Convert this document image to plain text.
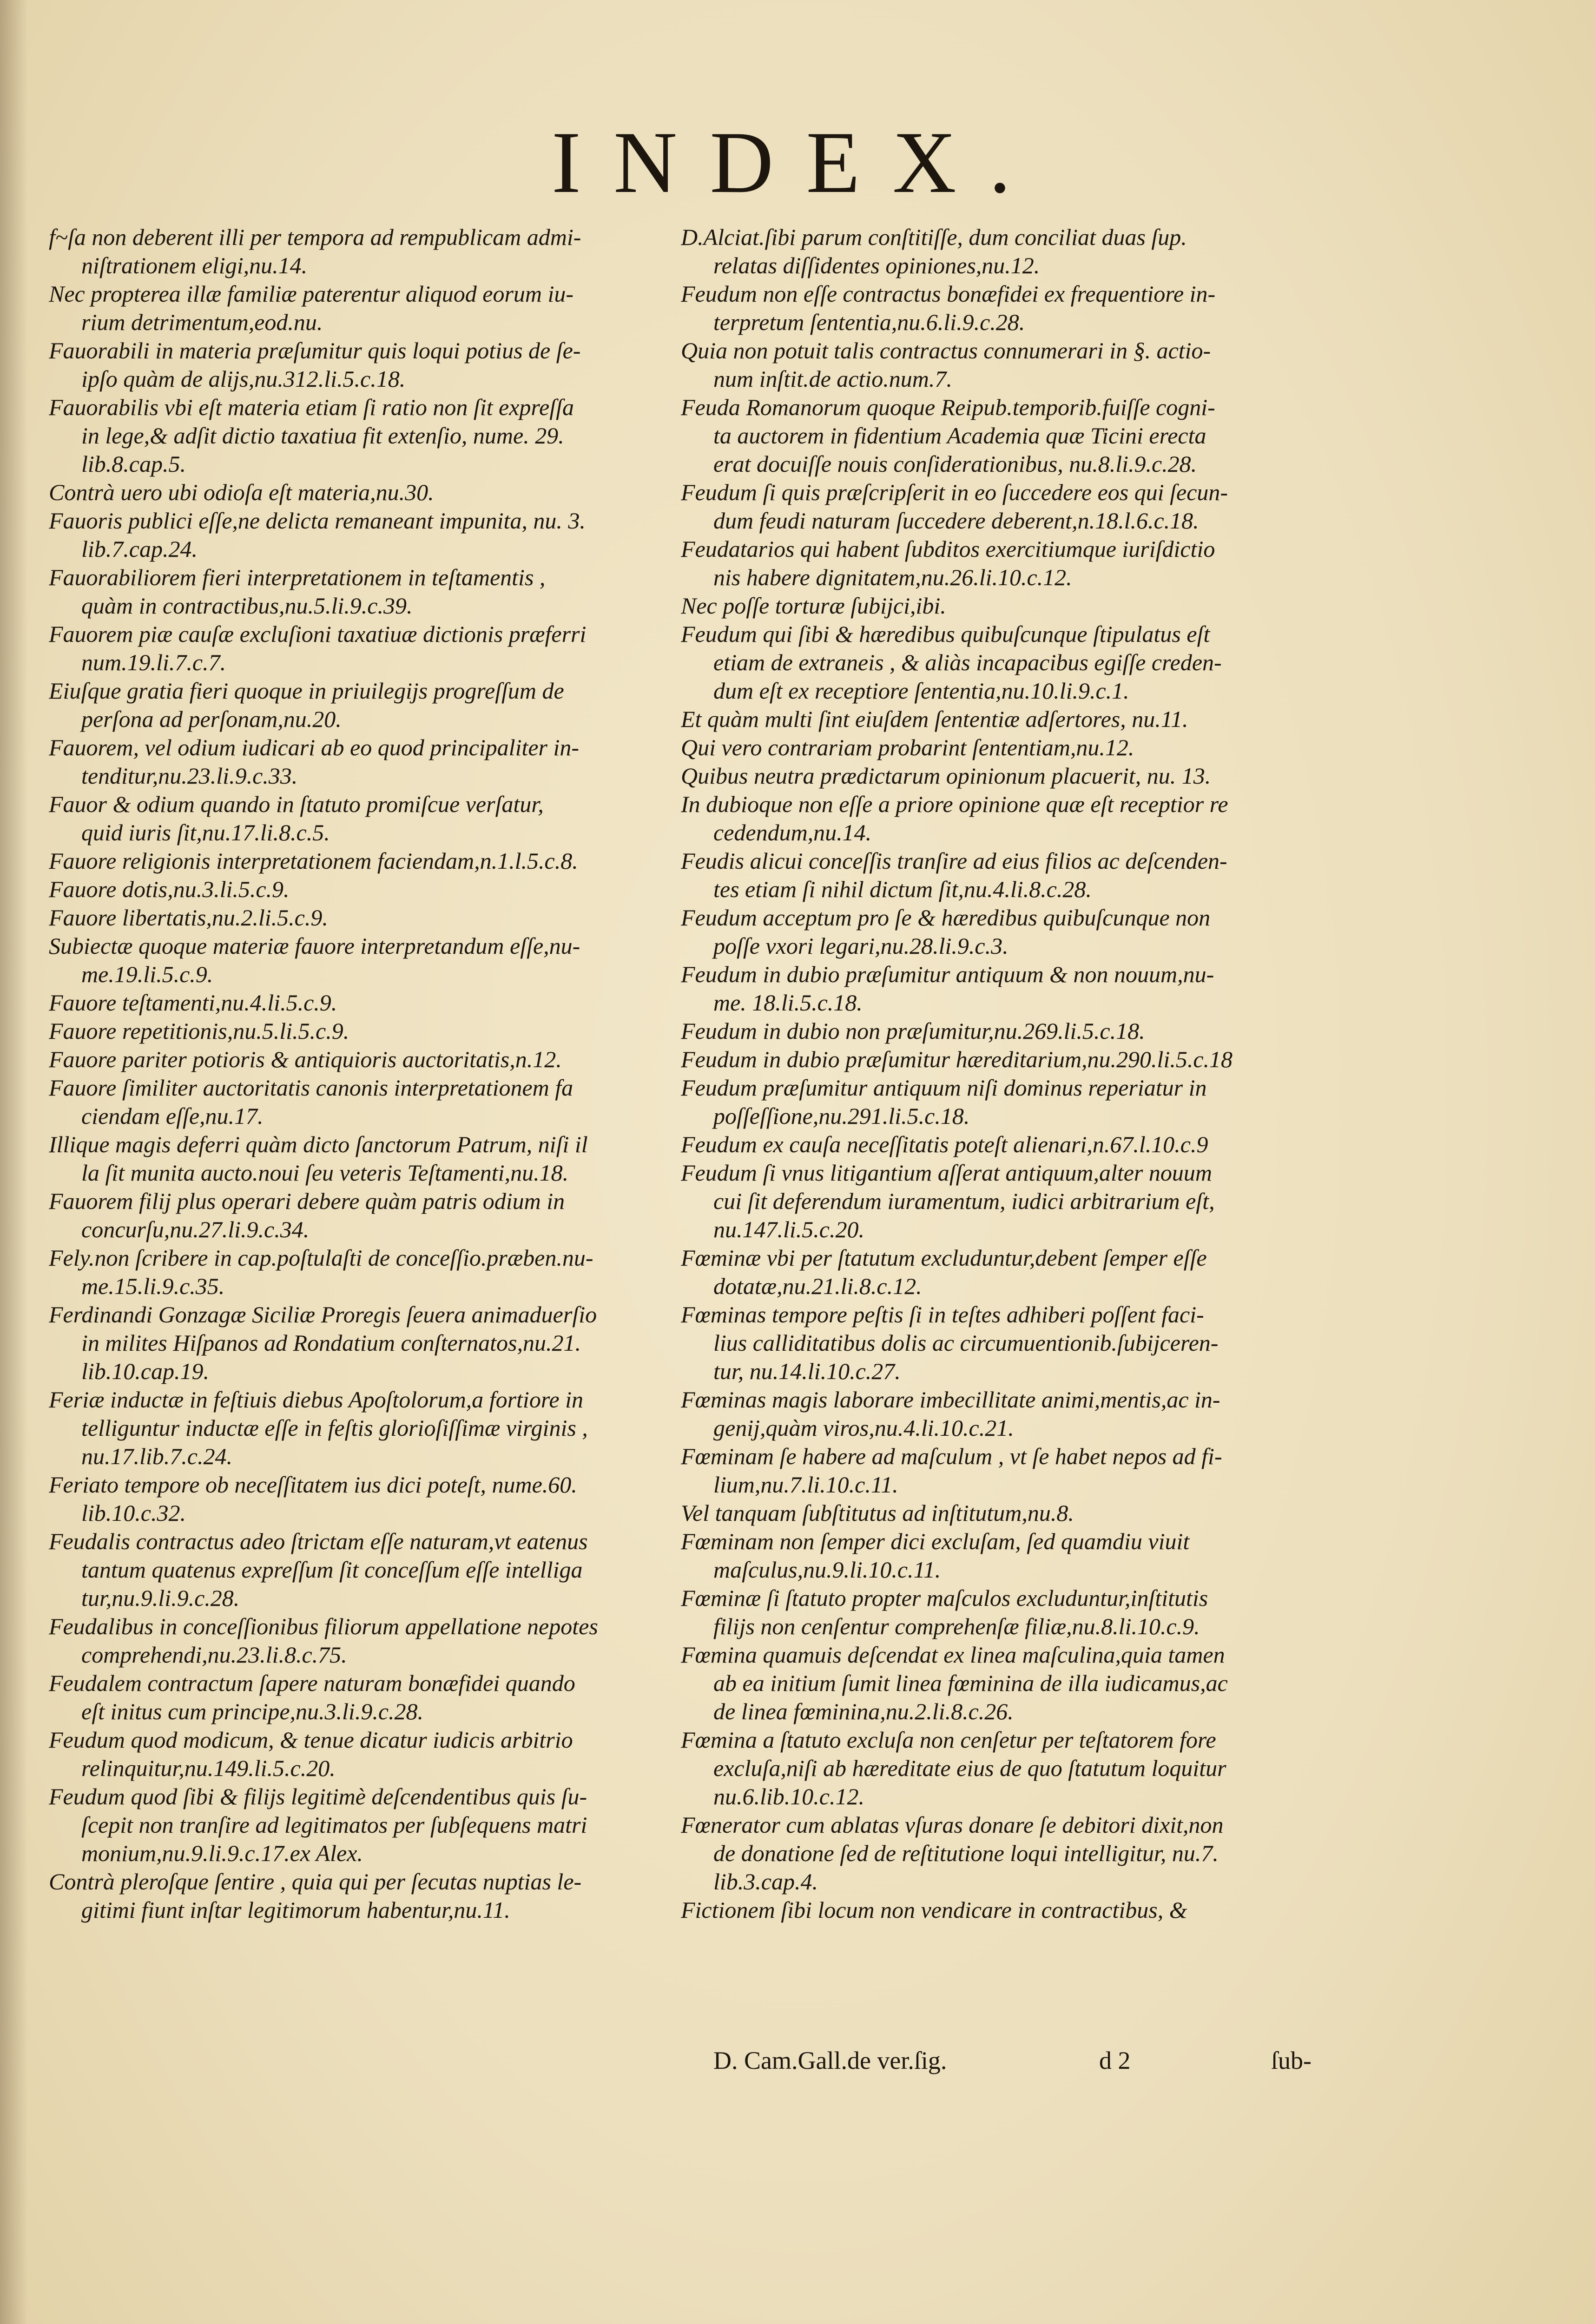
INDEX.
f~ſa non deberent illi per tempora ad rempublicam admi-
niſtrationem eligi,nu.14.
Nec propterea illæ familiæ paterentur aliquod eorum iu-
rium detrimentum,eod.nu.
Fauorabili in materia præſumitur quis loqui potius de ſe-
ipſo quàm de alijs,nu.312.li.5.c.18.
Fauorabilis vbi eſt materia etiam ſi ratio non ſit expreſſa
in lege,& adſit dictio taxatiua fit extenſio, nume. 29.
lib.8.cap.5.
Contrà uero ubi odioſa eſt materia,nu.30.
Fauoris publici eſſe,ne delicta remaneant impunita, nu. 3.
lib.7.cap.24.
Fauorabiliorem fieri interpretationem in teſtamentis ,
quàm in contractibus,nu.5.li.9.c.39.
Fauorem piæ cauſæ excluſioni taxatiuæ dictionis præferri
num.19.li.7.c.7.
Eiuſque gratia fieri quoque in priuilegijs progreſſum de
perſona ad perſonam,nu.20.
Fauorem, vel odium iudicari ab eo quod principaliter in-
tenditur,nu.23.li.9.c.33.
Fauor & odium quando in ſtatuto promiſcue verſatur,
quid iuris ſit,nu.17.li.8.c.5.
Fauore religionis interpretationem faciendam,n.1.l.5.c.8.
Fauore dotis,nu.3.li.5.c.9.
Fauore libertatis,nu.2.li.5.c.9.
Subiectæ quoque materiæ fauore interpretandum eſſe,nu-
me.19.li.5.c.9.
Fauore teſtamenti,nu.4.li.5.c.9.
Fauore repetitionis,nu.5.li.5.c.9.
Fauore pariter potioris & antiquioris auctoritatis,n.12.
Fauore ſimiliter auctoritatis canonis interpretationem fa
ciendam eſſe,nu.17.
Illique magis deferri quàm dicto ſanctorum Patrum, niſi il
la ſit munita aucto.noui ſeu veteris Teſtamenti,nu.18.
Fauorem filij plus operari debere quàm patris odium in
concurſu,nu.27.li.9.c.34.
Fely.non ſcribere in cap.poſtulaſti de conceſſio.præben.nu-
me.15.li.9.c.35.
Ferdinandi Gonzagæ Siciliæ Proregis ſeuera animaduerſio
in milites Hiſpanos ad Rondatium conſternatos,nu.21.
lib.10.cap.19.
Feriæ inductæ in feſtiuis diebus Apoſtolorum,a fortiore in
telliguntur inductæ eſſe in feſtis glorioſiſſimæ virginis ,
nu.17.lib.7.c.24.
Feriato tempore ob neceſſitatem ius dici poteſt, nume.60.
lib.10.c.32.
Feudalis contractus adeo ſtrictam eſſe naturam,vt eatenus
tantum quatenus expreſſum ſit conceſſum eſſe intelliga
tur,nu.9.li.9.c.28.
Feudalibus in conceſſionibus filiorum appellatione nepotes
comprehendi,nu.23.li.8.c.75.
Feudalem contractum ſapere naturam bonæfidei quando
eſt initus cum principe,nu.3.li.9.c.28.
Feudum quod modicum, & tenue dicatur iudicis arbitrio
relinquitur,nu.149.li.5.c.20.
Feudum quod ſibi & filijs legitimè deſcendentibus quis ſu-
ſcepit non tranſire ad legitimatos per ſubſequens matri
monium,nu.9.li.9.c.17.ex Alex.
Contrà pleroſque ſentire , quia qui per ſecutas nuptias le-
gitimi fiunt inſtar legitimorum habentur,nu.11.
D.Alciat.ſibi parum conſtitiſſe, dum conciliat duas ſup.
relatas diſſidentes opiniones,nu.12.
Feudum non eſſe contractus bonæfidei ex frequentiore in-
terpretum ſententia,nu.6.li.9.c.28.
Quia non potuit talis contractus connumerari in §. actio-
num inſtit.de actio.num.7.
Feuda Romanorum quoque Reipub.temporib.fuiſſe cogni-
ta auctorem in fidentium Academia quæ Ticini erecta
erat docuiſſe nouis conſiderationibus, nu.8.li.9.c.28.
Feudum ſi quis præſcripſerit in eo ſuccedere eos qui ſecun-
dum feudi naturam ſuccedere deberent,n.18.l.6.c.18.
Feudatarios qui habent ſubditos exercitiumque iuriſdictio
nis habere dignitatem,nu.26.li.10.c.12.
Nec poſſe torturæ ſubijci,ibi.
Feudum qui ſibi & hæredibus quibuſcunque ſtipulatus eſt
etiam de extraneis , & aliàs incapacibus egiſſe creden-
dum eſt ex receptiore ſententia,nu.10.li.9.c.1.
Et quàm multi ſint eiuſdem ſententiæ adſertores, nu.11.
Qui vero contrariam probarint ſententiam,nu.12.
Quibus neutra prædictarum opinionum placuerit, nu. 13.
In dubioque non eſſe a priore opinione quæ eſt receptior re
cedendum,nu.14.
Feudis alicui conceſſis tranſire ad eius filios ac deſcenden-
tes etiam ſi nihil dictum ſit,nu.4.li.8.c.28.
Feudum acceptum pro ſe & hæredibus quibuſcunque non
poſſe vxori legari,nu.28.li.9.c.3.
Feudum in dubio præſumitur antiquum & non nouum,nu-
me. 18.li.5.c.18.
Feudum in dubio non præſumitur,nu.269.li.5.c.18.
Feudum in dubio præſumitur hæreditarium,nu.290.li.5.c.18
Feudum præſumitur antiquum niſi dominus reperiatur in
poſſeſſione,nu.291.li.5.c.18.
Feudum ex cauſa neceſſitatis poteſt alienari,n.67.l.10.c.9
Feudum ſi vnus litigantium aſſerat antiquum,alter nouum
cui ſit deferendum iuramentum, iudici arbitrarium eſt,
nu.147.li.5.c.20.
Fœminæ vbi per ſtatutum excluduntur,debent ſemper eſſe
dotatæ,nu.21.li.8.c.12.
Fœminas tempore peſtis ſi in teſtes adhiberi poſſent faci-
lius calliditatibus dolis ac circumuentionib.ſubijceren-
tur, nu.14.li.10.c.27.
Fœminas magis laborare imbecillitate animi,mentis,ac in-
genij,quàm viros,nu.4.li.10.c.21.
Fœminam ſe habere ad maſculum , vt ſe habet nepos ad fi-
lium,nu.7.li.10.c.11.
Vel tanquam ſubſtitutus ad inſtitutum,nu.8.
Fœminam non ſemper dici excluſam, ſed quamdiu viuit
maſculus,nu.9.li.10.c.11.
Fœminæ ſi ſtatuto propter maſculos excluduntur,inſtitutis
filijs non cenſentur comprehenſæ filiæ,nu.8.li.10.c.9.
Fœmina quamuis deſcendat ex linea maſculina,quia tamen
ab ea initium ſumit linea fœminina de illa iudicamus,ac
de linea fœminina,nu.2.li.8.c.26.
Fœmina a ſtatuto excluſa non cenſetur per teſtatorem fore
excluſa,niſi ab hæreditate eius de quo ſtatutum loquitur
nu.6.lib.10.c.12.
Fœnerator cum ablatas vſuras donare ſe debitori dixit,non
de donatione ſed de reſtitutione loqui intelligitur, nu.7.
lib.3.cap.4.
Fictionem ſibi locum non vendicare in contractibus, &
D. Cam.Gall.de ver.ſig.	d 2	ſub-
